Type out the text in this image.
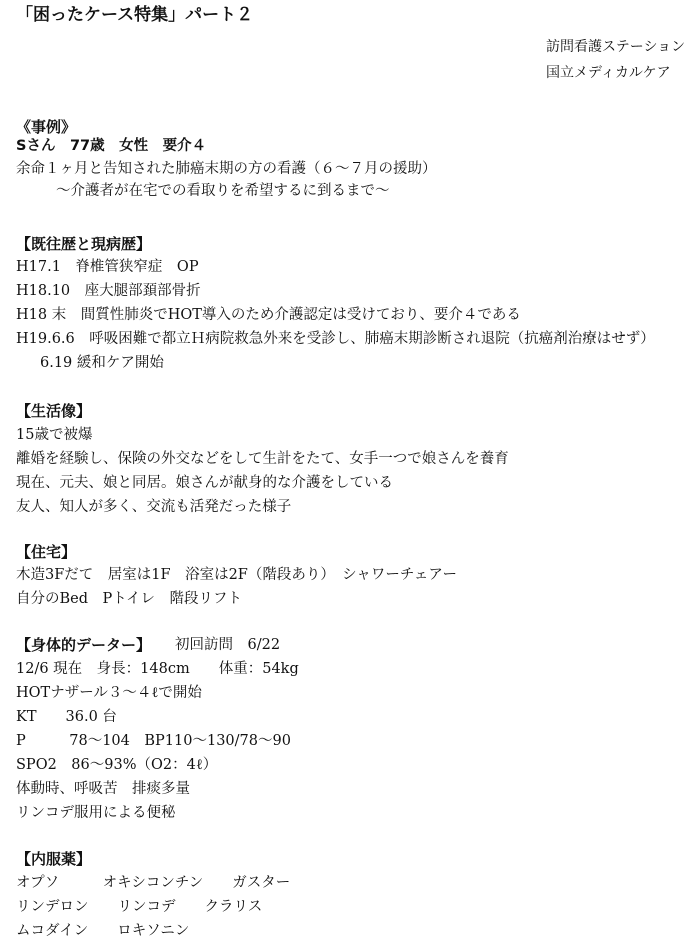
「困ったケース特集」パート２
訪問看護ステーション
国立メディカルケア
《事例》
Sさん　77歳　女性　要介４
余命１ヶ月と告知された肺癌末期の方の看護（６～７月の援助）
～介護者が在宅での看取りを希望するに到るまで～
【既往歴と現病歴】
H17.1　脊椎管狭窄症　OP
H18.10　座大腿部頚部骨折
H18 末　間質性肺炎でHOT導入のため介護認定は受けており、要介４である
H19.6.6　呼吸困難で都立Ｈ病院救急外来を受診し、肺癌末期診断され退院（抗癌剤治療はせず）
6.19 緩和ケア開始
【生活像】
15歳で被爆
離婚を経験し、保険の外交などをして生計をたて、女手一つで娘さんを養育
現在、元夫、娘と同居。娘さんが献身的な介護をしている
友人、知人が多く、交流も活発だった様子
【住宅】
木造3Fだて　居室は1F　浴室は2F（階段あり）　シャワーチェアー
自分のBed　Pトイレ　階段リフト
【身体的データー】 初回訪問　6/22
12/6 現在　身長：148cm　　体重：54kg
HOTナザール３～４ℓで開始
KT　　36.0 台
P　　　78～104　BP110～130/78～90
SPO2　86～93%（O2：4ℓ）
体動時、呼吸苦　排痰多量
リンコデ服用による便秘
【内服薬】
オプソ　　　オキシコンチン　　ガスター
リンデロン　　リンコデ　　クラリス
ムコダイン　　ロキソニン
